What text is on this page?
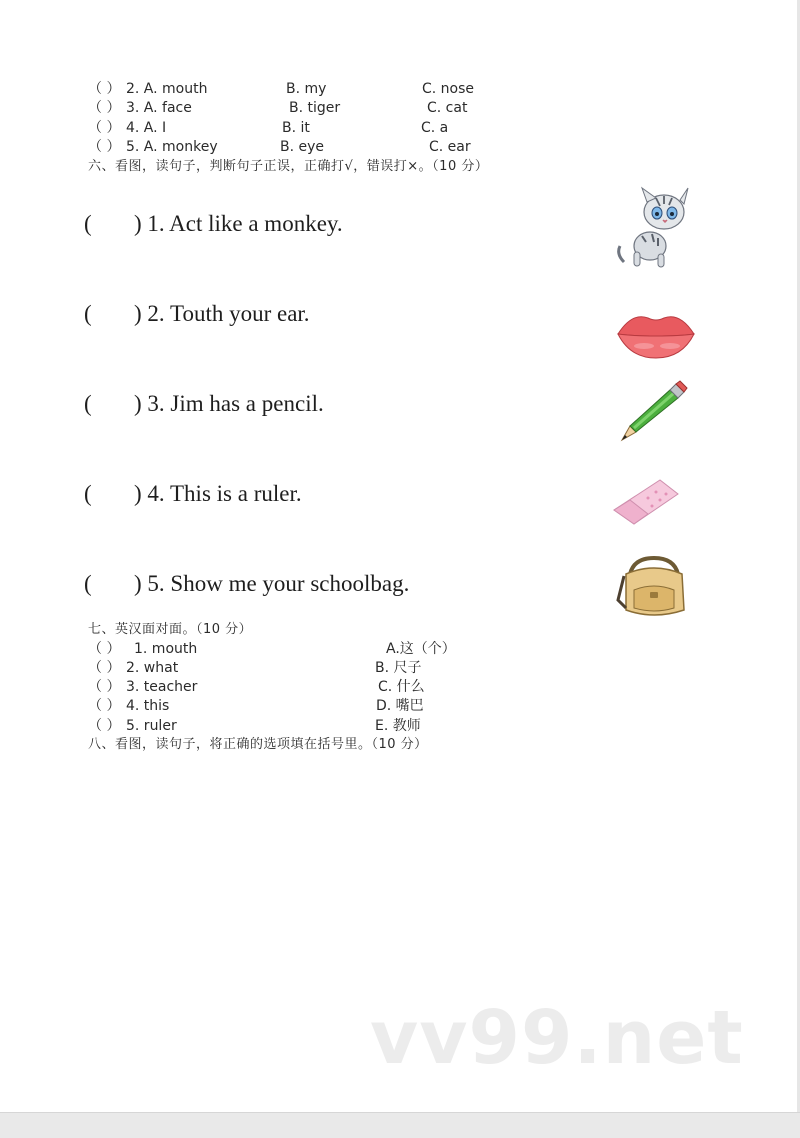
（ ） 2. A. mouth	B. my	C. nose
（ ） 3. A. face	B. tiger	C. cat
（ ） 4. A. I	B. it	C. a
（ ） 5. A. monkey	B. eye	C. ear
六、看图，读句子，判断句子正误，正确打√，错误打×。（10 分）
( ) 1. Act like a monkey.
( ) 2. Touth your ear.
( ) 3. Jim has a pencil.
( ) 4. This is a ruler.
( ) 5. Show me your schoolbag.
七、英汉面对面。（10 分）
（ ） 1. mouth	A.这（个）
（ ） 2. what	B. 尺子
（ ） 3. teacher	C. 什么
（ ） 4. this	D. 嘴巴
（ ） 5. ruler	E. 教师
八、看图，读句子，将正确的选项填在括号里。（10 分）
vv99.net
